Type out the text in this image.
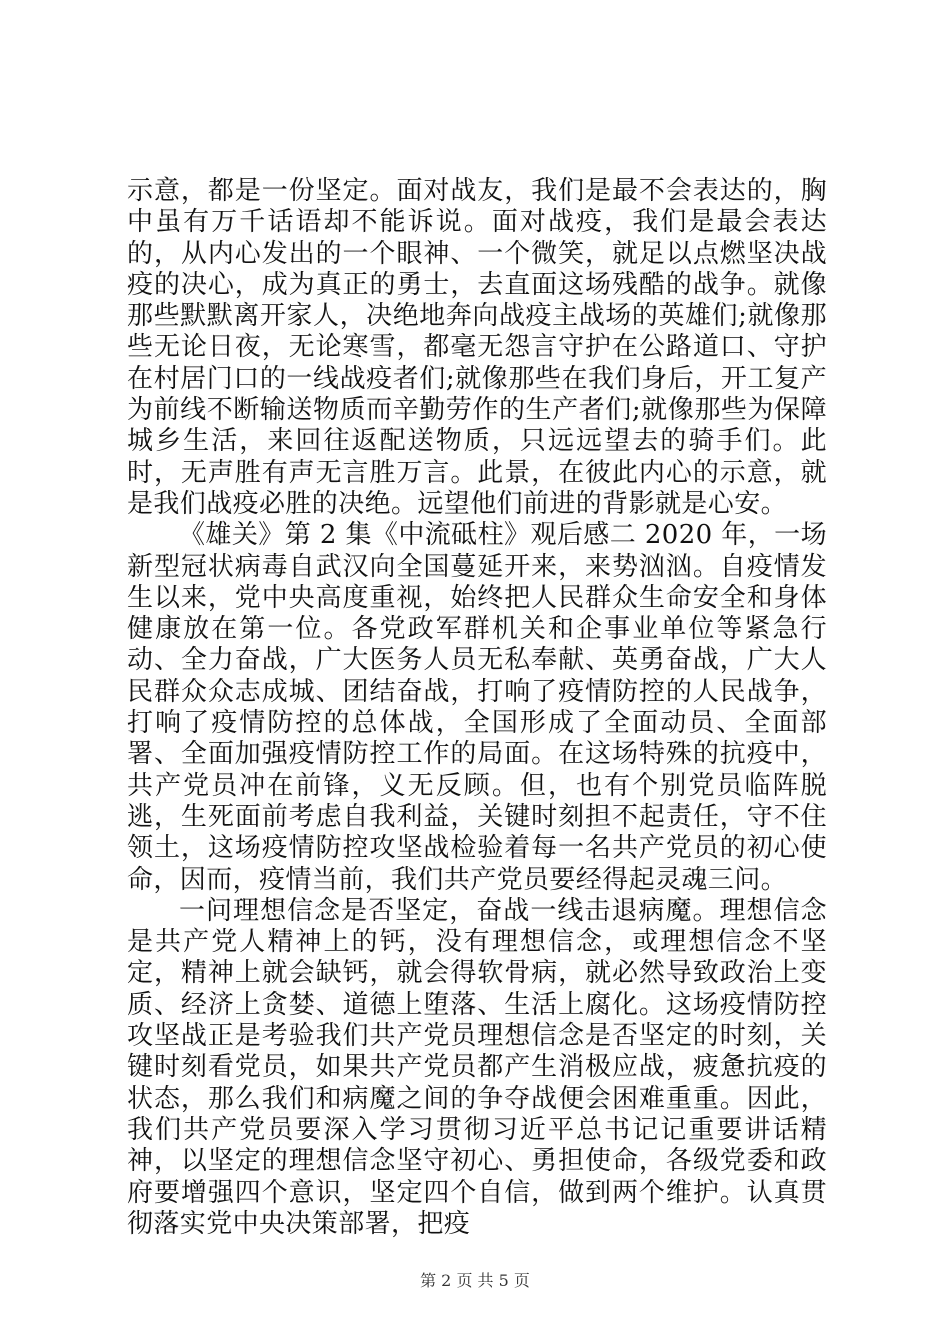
示意，都是一份坚定。面对战友，我们是最不会表达的，胸中虽有万千话语却不能诉说。面对战疫，我们是最会表达的，从内心发出的一个眼神、一个微笑，就足以点燃坚决战疫的决心，成为真正的勇士，去直面这场残酷的战争。就像那些默默离开家人，决绝地奔向战疫主战场的英雄们;就像那些无论日夜，无论寒雪，都毫无怨言守护在公路道口、守护在村居门口的一线战疫者们;就像那些在我们身后，开工复产为前线不断输送物质而辛勤劳作的生产者们;就像那些为保障城乡生活，来回往返配送物质，只远远望去的骑手们。此时，无声胜有声无言胜万言。此景，在彼此内心的示意，就是我们战疫必胜的决绝。远望他们前进的背影就是心安。

《雄关》第 2 集《中流砥柱》观后感二 2020 年，一场新型冠状病毒自武汉向全国蔓延开来，来势汹汹。自疫情发生以来，党中央高度重视，始终把人民群众生命安全和身体健康放在第一位。各党政军群机关和企事业单位等紧急行动、全力奋战，广大医务人员无私奉献、英勇奋战，广大人民群众众志成城、团结奋战，打响了疫情防控的人民战争，打响了疫情防控的总体战，全国形成了全面动员、全面部署、全面加强疫情防控工作的局面。在这场特殊的抗疫中，共产党员冲在前锋，义无反顾。但，也有个别党员临阵脱逃，生死面前考虑自我利益，关键时刻担不起责任，守不住领土，这场疫情防控攻坚战检验着每一名共产党员的初心使命，因而，疫情当前，我们共产党员要经得起灵魂三问。

一问理想信念是否坚定，奋战一线击退病魔。理想信念是共产党人精神上的钙，没有理想信念，或理想信念不坚定，精神上就会缺钙，就会得软骨病，就必然导致政治上变质、经济上贪婪、道德上堕落、生活上腐化。这场疫情防控攻坚战正是考验我们共产党员理想信念是否坚定的时刻，关键时刻看党员，如果共产党员都产生消极应战，疲惫抗疫的状态，那么我们和病魔之间的争夺战便会困难重重。因此，我们共产党员要深入学习贯彻习近平总书记记重要讲话精神，以坚定的理想信念坚守初心、勇担使命，各级党委和政府要增强四个意识，坚定四个自信，做到两个维护。认真贯彻落实党中央决策部署，把疫

第 2 页 共 5 页
